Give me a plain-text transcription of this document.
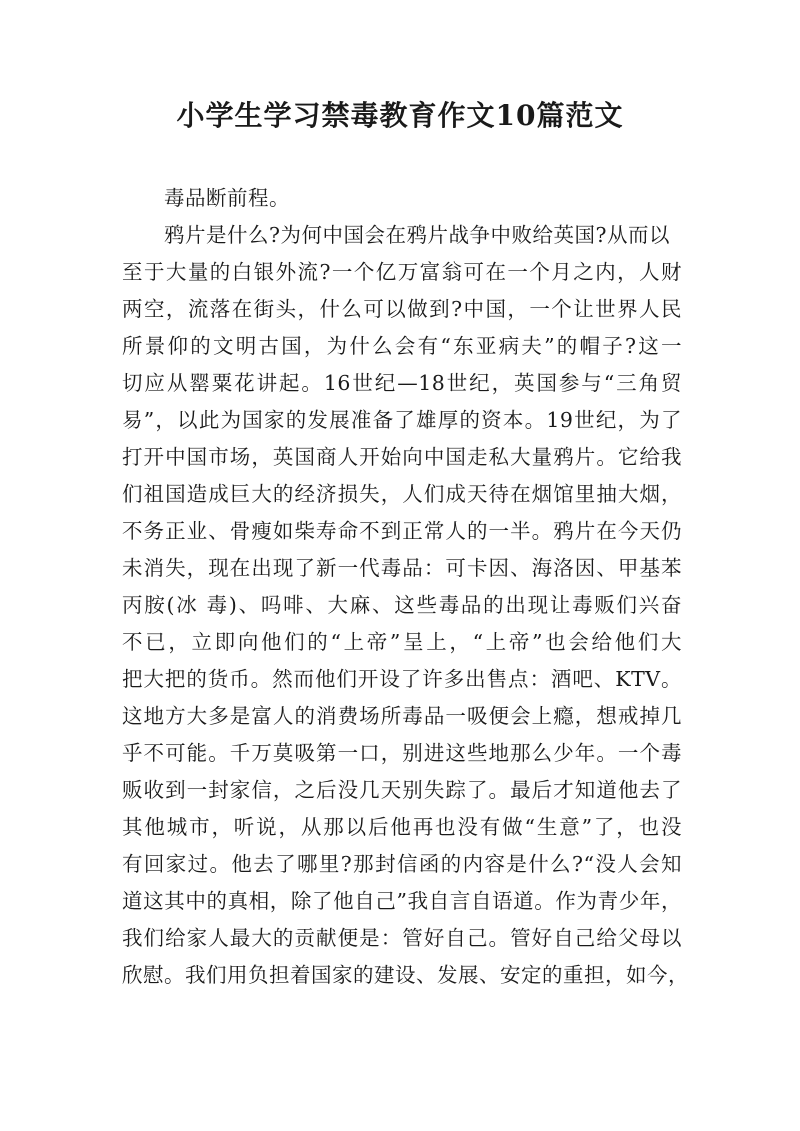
小学生学习禁毒教育作文10篇范文
毒品断前程。
鸦片是什么?为何中国会在鸦片战争中败给英国?从而以
至于大量的白银外流?一个亿万富翁可在一个月之内，人财
两空，流落在街头，什么可以做到?中国，一个让世界人民
所景仰的文明古国，为什么会有“东亚病夫”的帽子?这一
切应从罂粟花讲起。16世纪—18世纪，英国参与“三角贸
易”，以此为国家的发展准备了雄厚的资本。19世纪，为了
打开中国市场，英国商人开始向中国走私大量鸦片。它给我
们祖国造成巨大的经济损失，人们成天待在烟馆里抽大烟，
不务正业、骨瘦如柴寿命不到正常人的一半。鸦片在今天仍
未消失，现在出现了新一代毒品：可卡因、海洛因、甲基苯
丙胺(冰 毒)、吗啡、大麻、这些毒品的出现让毒贩们兴奋
不已，立即向他们的“上帝”呈上，“上帝”也会给他们大
把大把的货币。然而他们开设了许多出售点：酒吧、KTV。
这地方大多是富人的消费场所毒品一吸便会上瘾，想戒掉几
乎不可能。千万莫吸第一口，别进这些地那么少年。一个毒
贩收到一封家信，之后没几天别失踪了。最后才知道他去了
其他城市，听说，从那以后他再也没有做“生意”了，也没
有回家过。他去了哪里?那封信函的内容是什么?“没人会知
道这其中的真相，除了他自己”我自言自语道。作为青少年，
我们给家人最大的贡献便是：管好自己。管好自己给父母以
欣慰。我们用负担着国家的建设、发展、安定的重担，如今，
